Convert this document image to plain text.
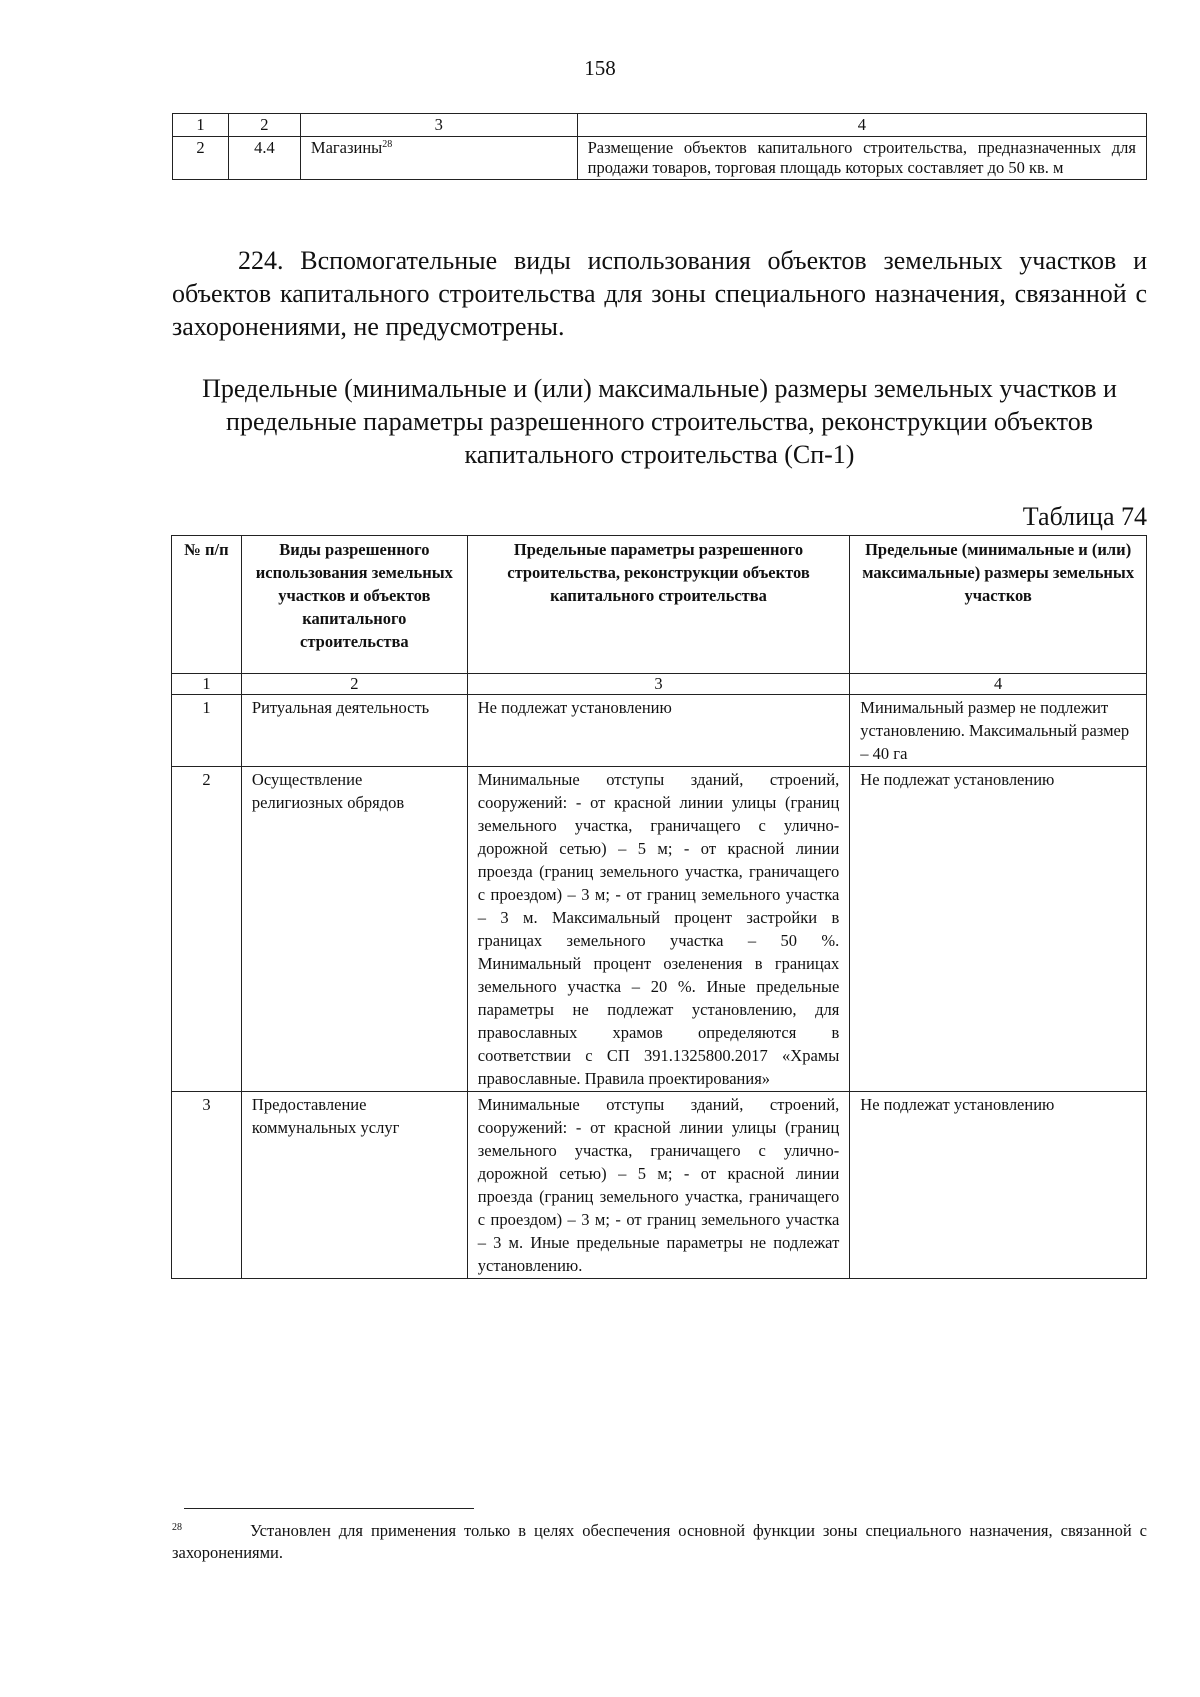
158
1	2	3	4
2	4.4	Магазины$^{28}$	Размещение объектов капитального строительства, предназначенных для продажи товаров, торговая площадь которых составляет до 50 кв. м

224. Вспомогательные виды использования объектов земельных участков и объектов капитального строительства для зоны специального назначения, связанной с захоронениями, не предусмотрены.

Предельные (минимальные и (или) максимальные) размеры земельных участков и предельные параметры разрешенного строительства, реконструкции объектов капитального строительства (Сп-1)

Таблица 74
№ п/п	Виды разрешенного использования земельных участков и объектов капитального строительства	Предельные параметры разрешенного строительства, реконструкции объектов капитального строительства	Предельные (минимальные и (или) максимальные) размеры земельных участков
1	2	3	4
1	Ритуальная деятельность	Не подлежат установлению	Минимальный размер не подлежит установлению. Максимальный размер – 40 га
2	Осуществление религиозных обрядов	Минимальные отступы зданий, строений, сооружений: - от красной линии улицы (границ земельного участка, граничащего с улично-дорожной сетью) – 5 м; - от красной линии проезда (границ земельного участка, граничащего с проездом) – 3 м; - от границ земельного участка – 3 м. Максимальный процент застройки в границах земельного участка – 50 %. Минимальный процент озеленения в границах земельного участка – 20 %. Иные предельные параметры не подлежат установлению, для православных храмов определяются в соответствии с СП 391.1325800.2017 «Храмы православные. Правила проектирования»	Не подлежат установлению
3	Предоставление коммунальных услуг	Минимальные отступы зданий, строений, сооружений: - от красной линии улицы (границ земельного участка, граничащего с улично-дорожной сетью) – 5 м; - от красной линии проезда (границ земельного участка, граничащего с проездом) – 3 м; - от границ земельного участка – 3 м. Иные предельные параметры не подлежат установлению.	Не подлежат установлению

$^{28}$	Установлен для применения только в целях обеспечения основной функции зоны специального назначения, связанной с захоронениями.
